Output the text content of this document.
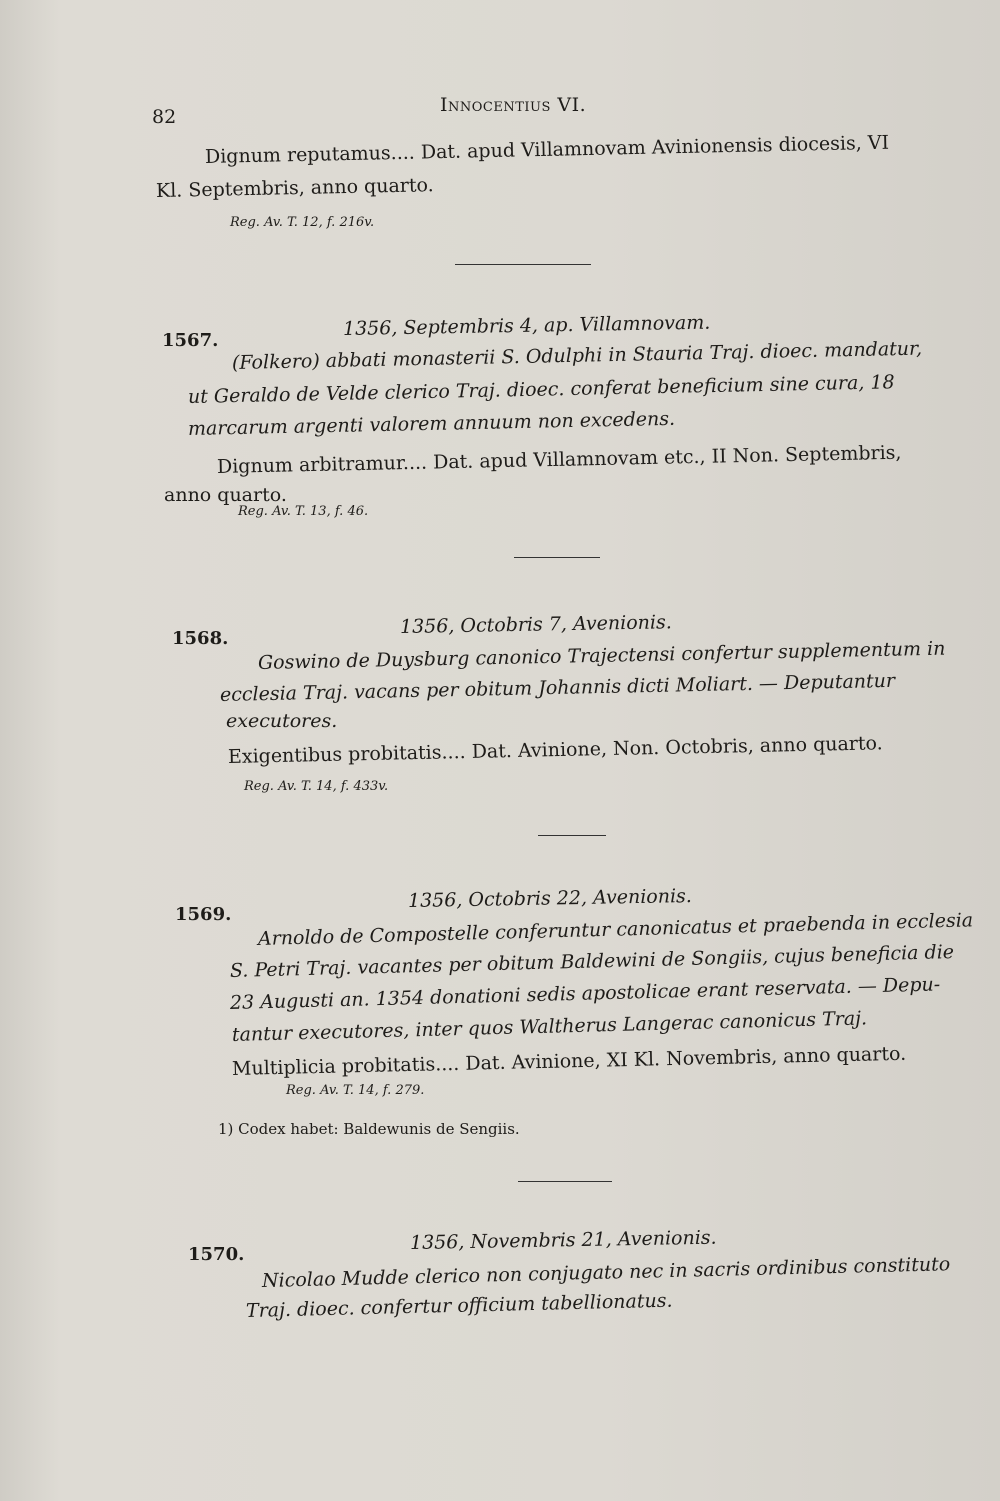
82
Innocentius VI.
Dignum reputamus.... Dat. apud Villamnovam Avinionensis diocesis, VI
Kl. Septembris, anno quarto.
Reg. Av. T. 12, f. 216v.
1567.
1356, Septembris 4, ap. Villamnovam.
(Folkero) abbati monasterii S. Odulphi in Stauria Traj. dioec. mandatur,
ut Geraldo de Velde clerico Traj. dioec. conferat beneficium sine cura, 18
marcarum argenti valorem annuum non excedens.
Dignum arbitramur.... Dat. apud Villamnovam etc., II Non. Septembris,
anno quarto.
Reg. Av. T. 13, f. 46.
1568.
1356, Octobris 7, Avenionis.
Goswino de Duysburg canonico Trajectensi confertur supplementum in
ecclesia Traj. vacans per obitum Johannis dicti Moliart. — Deputantur
executores.
Exigentibus probitatis.... Dat. Avinione, Non. Octobris, anno quarto.
Reg. Av. T. 14, f. 433v.
1569.
1356, Octobris 22, Avenionis.
Arnoldo de Compostelle conferuntur canonicatus et praebenda in ecclesia
S. Petri Traj. vacantes per obitum Baldewini de Songiis, cujus beneficia die
23 Augusti an. 1354 donationi sedis apostolicae erant reservata. — Depu-
tantur executores, inter quos Waltherus Langerac canonicus Traj.
Multiplicia probitatis.... Dat. Avinione, XI Kl. Novembris, anno quarto.
Reg. Av. T. 14, f. 279.
1) Codex habet: Baldewunis de Sengiis.
1570.
1356, Novembris 21, Avenionis.
Nicolao Mudde clerico non conjugato nec in sacris ordinibus constituto
Traj. dioec. confertur officium tabellionatus.
